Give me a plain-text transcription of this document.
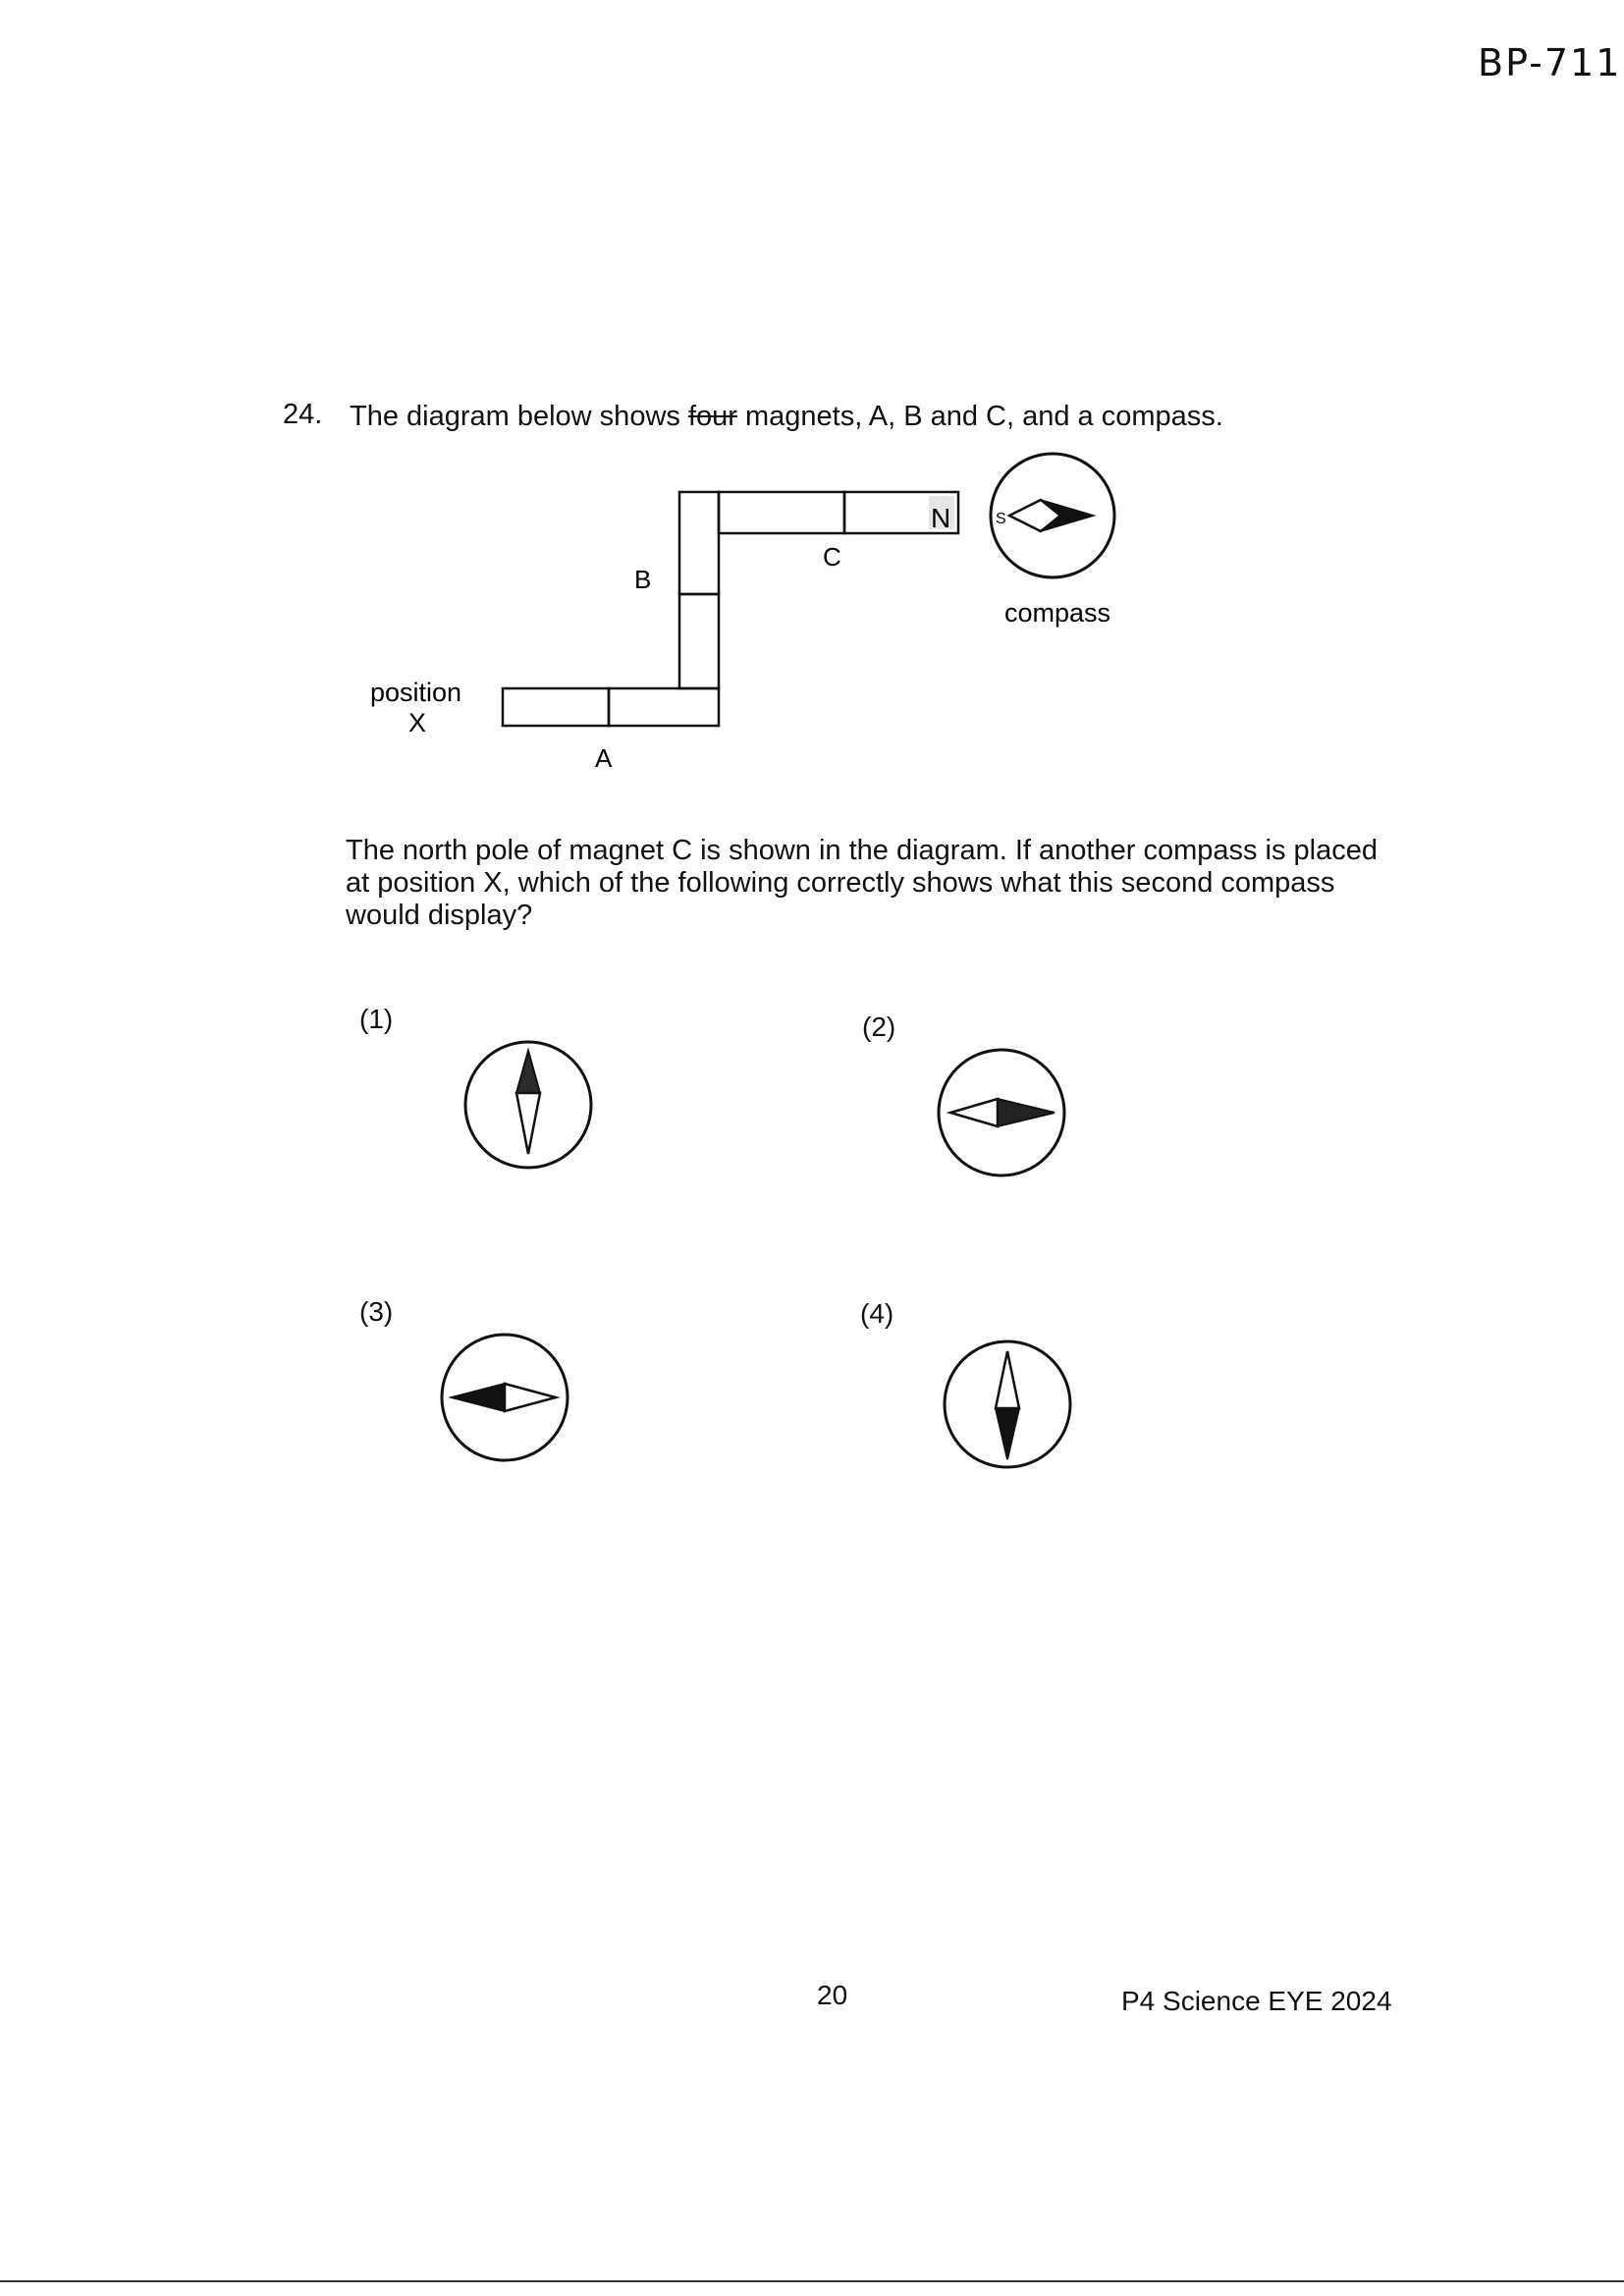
BP-711
24. The diagram below shows four magnets, A, B and C, and a compass.
N
B
C
A
position
X
compass
S
The north pole of magnet C is shown in the diagram. If another compass is placed at position X, which of the following correctly shows what this second compass would display?
(1)	(2)
(3)	(4)
20	P4 Science EYE 2024
